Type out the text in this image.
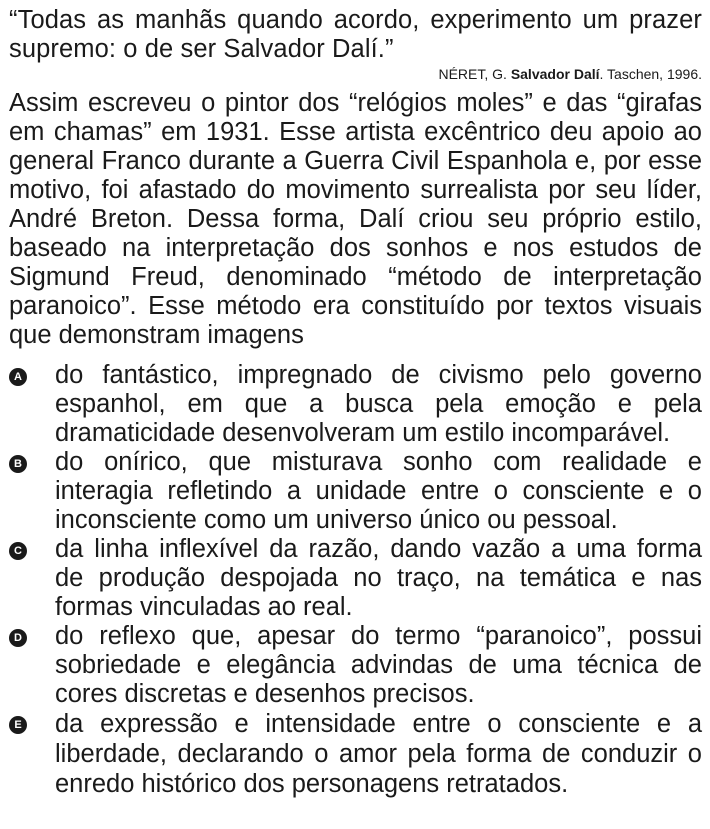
“Todas as manhãs quando acordo, experimento um prazer supremo: o de ser Salvador Dalí.”

NÉRET, G. Salvador Dalí. Taschen, 1996.

Assim escreveu o pintor dos “relógios moles” e das “girafas em chamas” em 1931. Esse artista excêntrico deu apoio ao general Franco durante a Guerra Civil Espanhola e, por esse motivo, foi afastado do movimento surrealista por seu líder, André Breton. Dessa forma, Dalí criou seu próprio estilo, baseado na interpretação dos sonhos e nos estudos de Sigmund Freud, denominado “método de interpretação paranoico”. Esse método era constituído por textos visuais que demonstram imagens

A do fantástico, impregnado de civismo pelo governo espanhol, em que a busca pela emoção e pela dramaticidade desenvolveram um estilo incomparável.
B do onírico, que misturava sonho com realidade e interagia refletindo a unidade entre o consciente e o inconsciente como um universo único ou pessoal.
C da linha inflexível da razão, dando vazão a uma forma de produção despojada no traço, na temática e nas formas vinculadas ao real.
D do reflexo que, apesar do termo “paranoico”, possui sobriedade e elegância advindas de uma técnica de cores discretas e desenhos precisos.
E da expressão e intensidade entre o consciente e a liberdade, declarando o amor pela forma de conduzir o enredo histórico dos personagens retratados.
